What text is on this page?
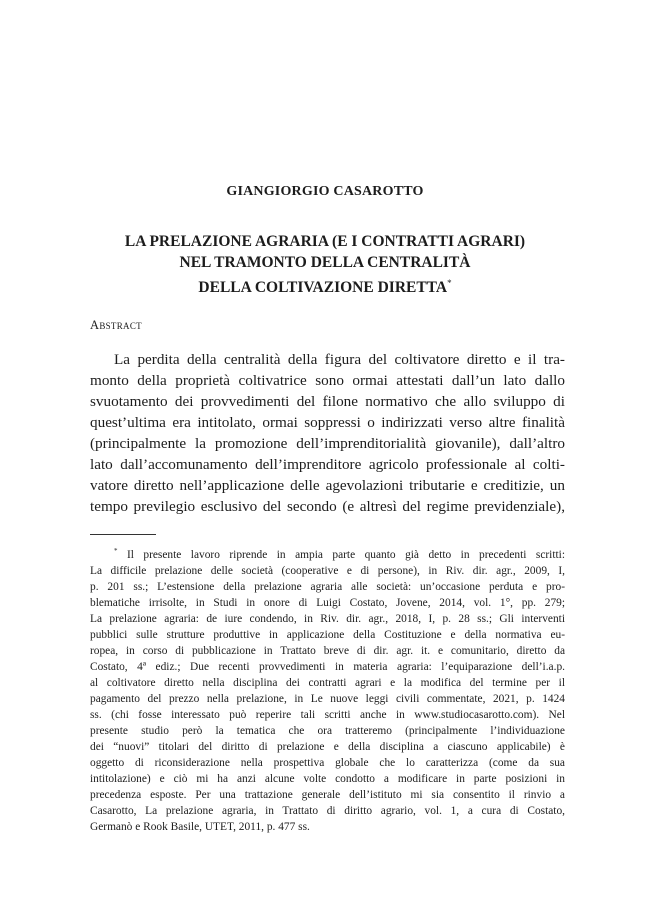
GIANGIORGIO CASAROTTO
LA PRELAZIONE AGRARIA (E I CONTRATTI AGRARI)
NEL TRAMONTO DELLA CENTRALITÀ
DELLA COLTIVAZIONE DIRETTA*
Abstract
La perdita della centralità della figura del coltivatore diretto e il tra-
monto della proprietà coltivatrice sono ormai attestati dall’un lato dallo
svuotamento dei provvedimenti del filone normativo che allo sviluppo di
quest’ultima era intitolato, ormai soppressi o indirizzati verso altre finalità
(principalmente la promozione dell’imprenditorialità giovanile), dall’altro
lato dall’accomunamento dell’imprenditore agricolo professionale al colti-
vatore diretto nell’applicazione delle agevolazioni tributarie e creditizie, un
tempo previlegio esclusivo del secondo (e altresì del regime previdenziale),
* Il presente lavoro riprende in ampia parte quanto già detto in precedenti scritti:
La difficile prelazione delle società (cooperative e di persone), in Riv. dir. agr., 2009, I,
p. 201 ss.; L’estensione della prelazione agraria alle società: un’occasione perduta e pro-
blematiche irrisolte, in Studi in onore di Luigi Costato, Jovene, 2014, vol. 1°, pp. 279;
La prelazione agraria: de iure condendo, in Riv. dir. agr., 2018, I, p. 28 ss.; Gli interventi
pubblici sulle strutture produttive in applicazione della Costituzione e della normativa eu-
ropea, in corso di pubblicazione in Trattato breve di dir. agr. it. e comunitario, diretto da
Costato, 4ª ediz.; Due recenti provvedimenti in materia agraria: l’equiparazione dell’i.a.p.
al coltivatore diretto nella disciplina dei contratti agrari e la modifica del termine per il
pagamento del prezzo nella prelazione, in Le nuove leggi civili commentate, 2021, p. 1424
ss. (chi fosse interessato può reperire tali scritti anche in www.studiocasarotto.com). Nel
presente studio però la tematica che ora tratteremo (principalmente l’individuazione
dei “nuovi” titolari del diritto di prelazione e della disciplina a ciascuno applicabile) è
oggetto di riconsiderazione nella prospettiva globale che lo caratterizza (come da sua
intitolazione) e ciò mi ha anzi alcune volte condotto a modificare in parte posizioni in
precedenza esposte. Per una trattazione generale dell’istituto mi sia consentito il rinvio a
Casarotto, La prelazione agraria, in Trattato di diritto agrario, vol. 1, a cura di Costato,
Germanò e Rook Basile, UTET, 2011, p. 477 ss.
